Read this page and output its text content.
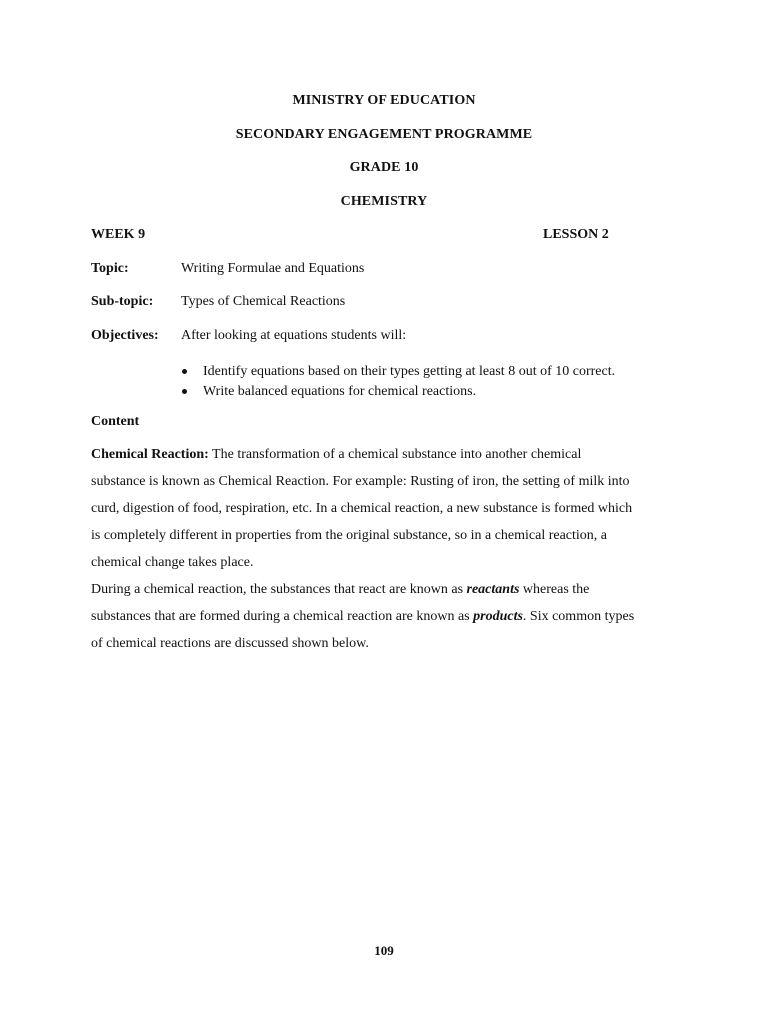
MINISTRY OF EDUCATION
SECONDARY ENGAGEMENT PROGRAMME
GRADE 10
CHEMISTRY
WEEK 9	LESSON 2
Topic:	Writing Formulae and Equations
Sub-topic: Types of Chemical Reactions
Objectives: After looking at equations students will:
Identify equations based on their types getting at least 8 out of 10 correct.
Write balanced equations for chemical reactions.
Content
Chemical Reaction: The transformation of a chemical substance into another chemical
substance is known as Chemical Reaction. For example: Rusting of iron, the setting of milk into
curd, digestion of food, respiration, etc. In a chemical reaction, a new substance is formed which
is completely different in properties from the original substance, so in a chemical reaction, a
chemical change takes place.
During a chemical reaction, the substances that react are known as reactants whereas the
substances that are formed during a chemical reaction are known as products. Six common types
of chemical reactions are discussed shown below.
109
